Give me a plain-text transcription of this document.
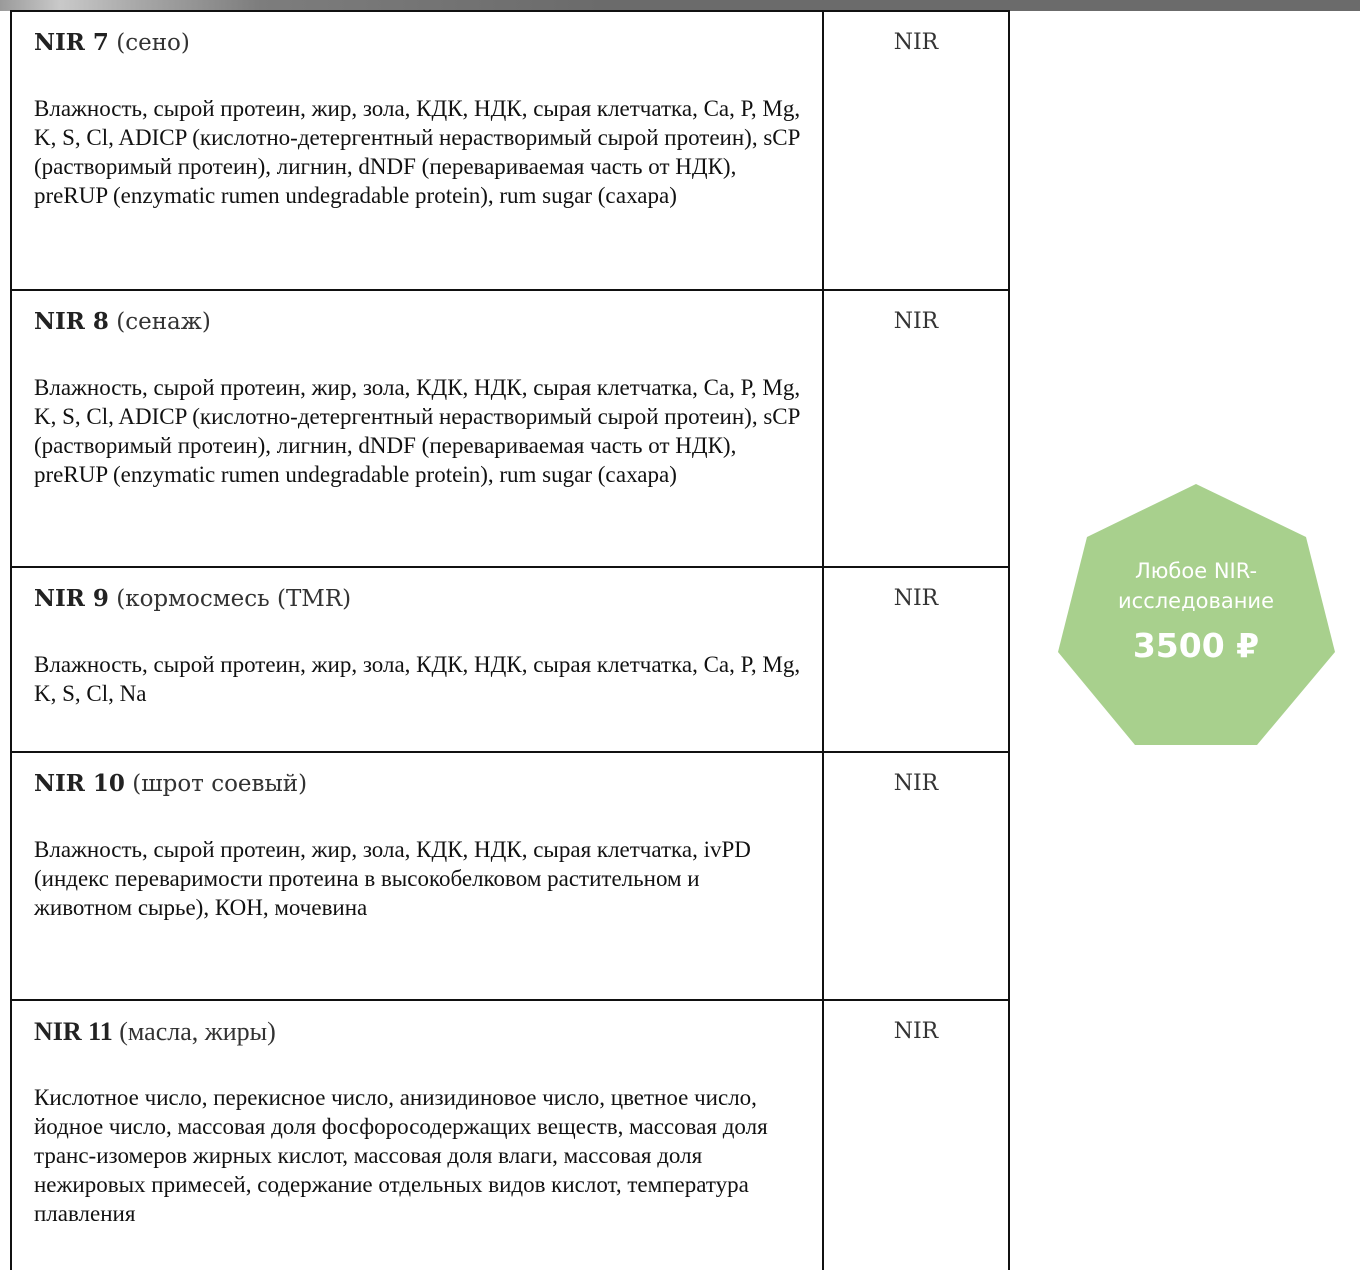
NIR 7 (сено)
Влажность, сырой протеин, жир, зола, КДК, НДК, сырая клетчатка, Ca, P, Mg, K, S, Cl, ADICP (кислотно-детергентный нерастворимый сырой протеин), sCP (растворимый протеин), лигнин, dNDF (перевариваемая часть от НДК), preRUP (enzymatic rumen undegradable protein), rum sugar (сахара)	NIR

NIR 8 (сенаж)
Влажность, сырой протеин, жир, зола, КДК, НДК, сырая клетчатка, Ca, P, Mg, K, S, Cl, ADICP (кислотно-детергентный нерастворимый сырой протеин), sCP (растворимый протеин), лигнин, dNDF (перевариваемая часть от НДК), preRUP (enzymatic rumen undegradable protein), rum sugar (сахара)	NIR

NIR 9 (кормосмесь (TMR)
Влажность, сырой протеин, жир, зола, КДК, НДК, сырая клетчатка, Ca, P, Mg, K, S, Cl, Na	NIR

NIR 10 (шрот соевый)
Влажность, сырой протеин, жир, зола, КДК, НДК, сырая клетчатка, ivPD (индекс переваримости протеина в высокобелковом растительном и животном сырье), КОН, мочевина	NIR

NIR 11 (масла, жиры)
Кислотное число, перекисное число, анизидиновое число, цветное число, йодное число, массовая доля фосфоросодержащих веществ, массовая доля транс-изомеров жирных кислот, массовая доля влаги, массовая доля нежировых примесей, содержание отдельных видов кислот, температура плавления	NIR
Любое NIR-
исследование
3500 ₽
